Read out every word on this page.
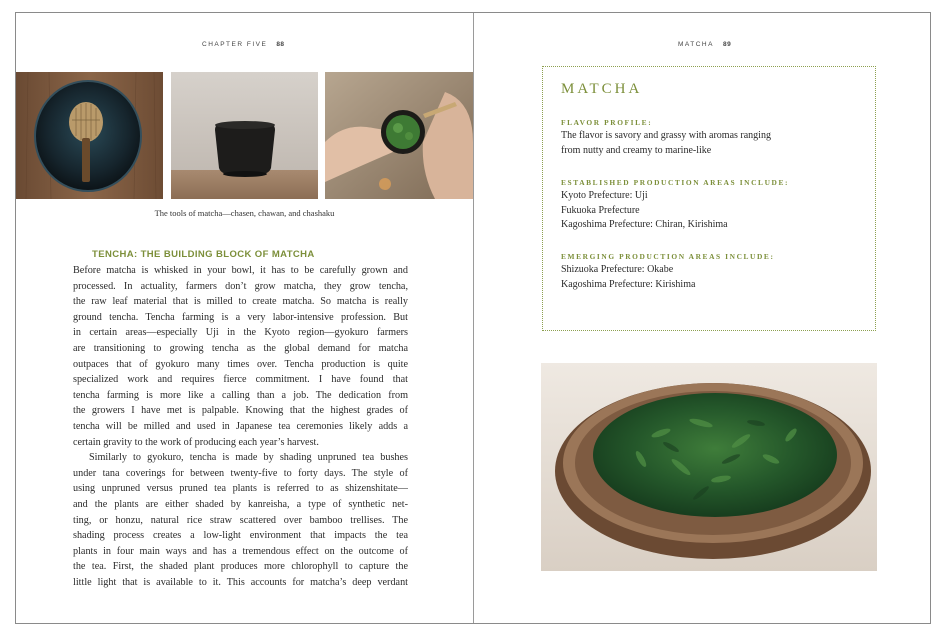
CHAPTER FIVE 88
The tools of matcha—chasen, chawan, and chashaku
TENCHA: THE BUILDING BLOCK OF MATCHA
Before matcha is whisked in your bowl, it has to be carefully grown and
processed. In actuality, farmers don’t grow matcha, they grow tencha,
the raw leaf material that is milled to create matcha. So matcha is really
ground tencha. Tencha farming is a very labor-intensive profession. But
in certain areas—especially Uji in the Kyoto region—gyokuro farmers
are transitioning to growing tencha as the global demand for matcha
outpaces that of gyokuro many times over. Tencha production is quite
specialized work and requires fierce commitment. I have found that
tencha farming is more like a calling than a job. The dedication from
the growers I have met is palpable. Knowing that the highest grades of
tencha will be milled and used in Japanese tea ceremonies likely adds a
certain gravity to the work of producing each year’s harvest.
Similarly to gyokuro, tencha is made by shading unpruned tea bushes
under tana coverings for between twenty-five to forty days. The style of
using unpruned versus pruned tea plants is referred to as shizenshitate—
and the plants are either shaded by kanreisha, a type of synthetic net-
ting, or honzu, natural rice straw scattered over bamboo trellises. The
shading process creates a low-light environment that impacts the tea
plants in four main ways and has a tremendous effect on the outcome of
the tea. First, the shaded plant produces more chlorophyll to capture the
little light that is available to it. This accounts for matcha’s deep verdant
MATCHA 89
MATCHA
FLAVOR PROFILE:
The flavor is savory and grassy with aromas ranging
from nutty and creamy to marine-like
ESTABLISHED PRODUCTION AREAS INCLUDE:
Kyoto Prefecture: Uji
Fukuoka Prefecture
Kagoshima Prefecture: Chiran, Kirishima
EMERGING PRODUCTION AREAS INCLUDE:
Shizuoka Prefecture: Okabe
Kagoshima Prefecture: Kirishima
